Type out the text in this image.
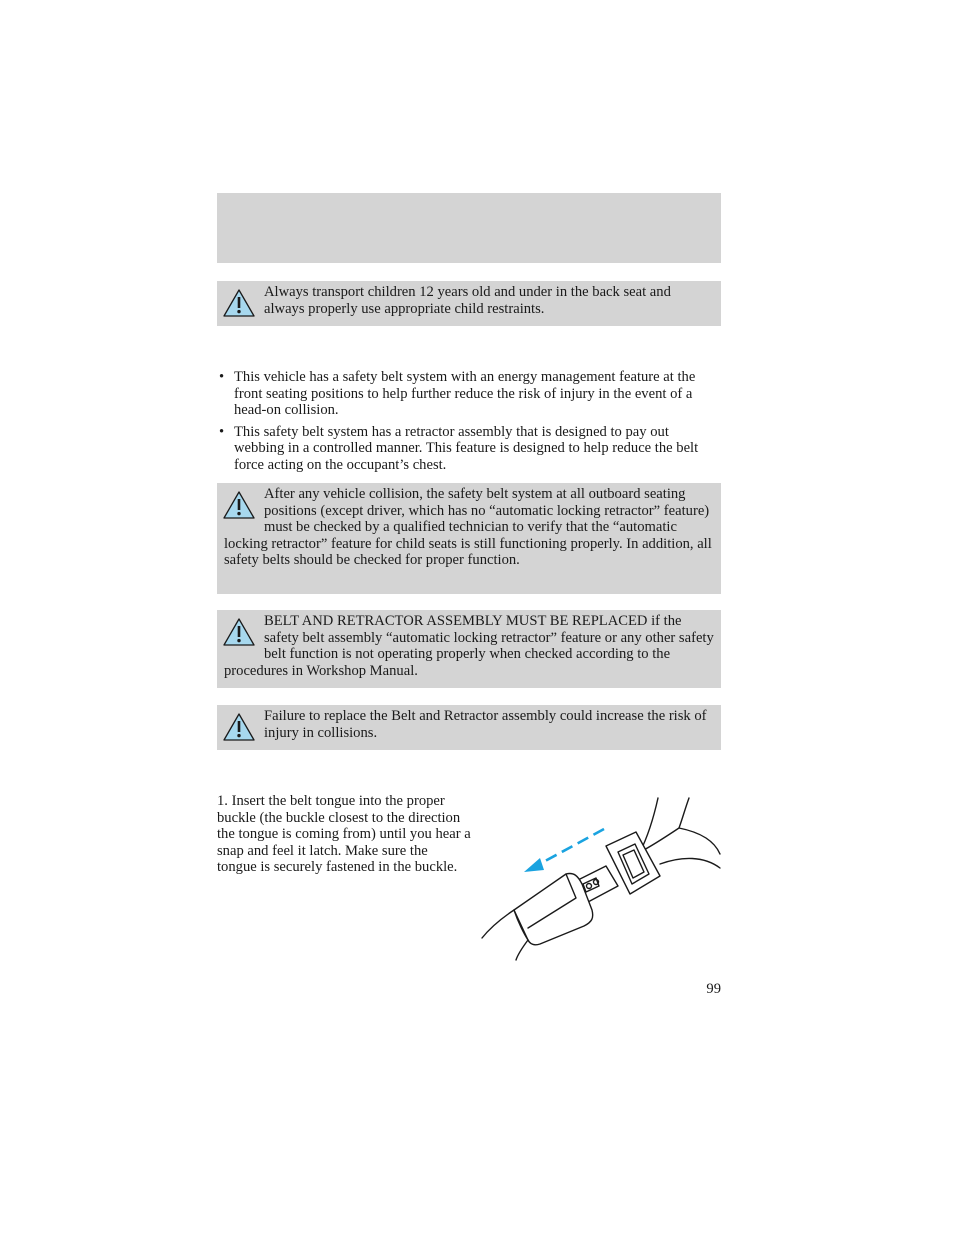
Always transport children 12 years old and under in the back seat and always properly use appropriate child restraints.

• This vehicle has a safety belt system with an energy management feature at the front seating positions to help further reduce the risk of injury in the event of a head-on collision.
• This safety belt system has a retractor assembly that is designed to pay out webbing in a controlled manner. This feature is designed to help reduce the belt force acting on the occupant’s chest.

After any vehicle collision, the safety belt system at all outboard seating positions (except driver, which has no “automatic locking retractor” feature) must be checked by a qualified technician to verify that the “automatic locking retractor” feature for child seats is still functioning properly. In addition, all safety belts should be checked for proper function.

BELT AND RETRACTOR ASSEMBLY MUST BE REPLACED if the safety belt assembly “automatic locking retractor” feature or any other safety belt function is not operating properly when checked according to the procedures in Workshop Manual.

Failure to replace the Belt and Retractor assembly could increase the risk of injury in collisions.

1. Insert the belt tongue into the proper buckle (the buckle closest to the direction the tongue is coming from) until you hear a snap and feel it latch. Make sure the tongue is securely fastened in the buckle.

99
